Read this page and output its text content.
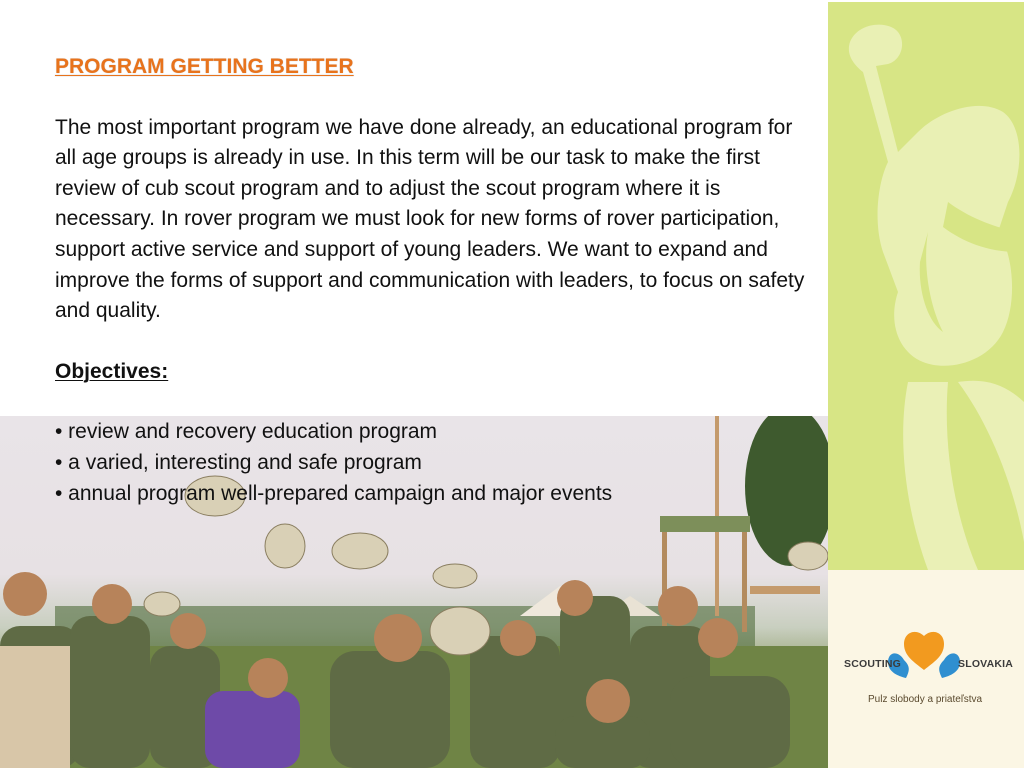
SCOUTING	SLOVAKIA
Pulz slobody a priateľstva
PROGRAM GETTING BETTER
The most important program we have done already, an educational program for all age groups is already in use. In this term will be our task to make the first review of cub scout program and to adjust the scout program where it is necessary. In rover program we must look for new forms of rover participation, support active service and support of young leaders. We want to expand and improve the forms of support and communication with leaders, to focus on safety and quality.
Objectives:
• review and recovery education program
• a varied, interesting and safe program
• annual program well-prepared campaign and major events
